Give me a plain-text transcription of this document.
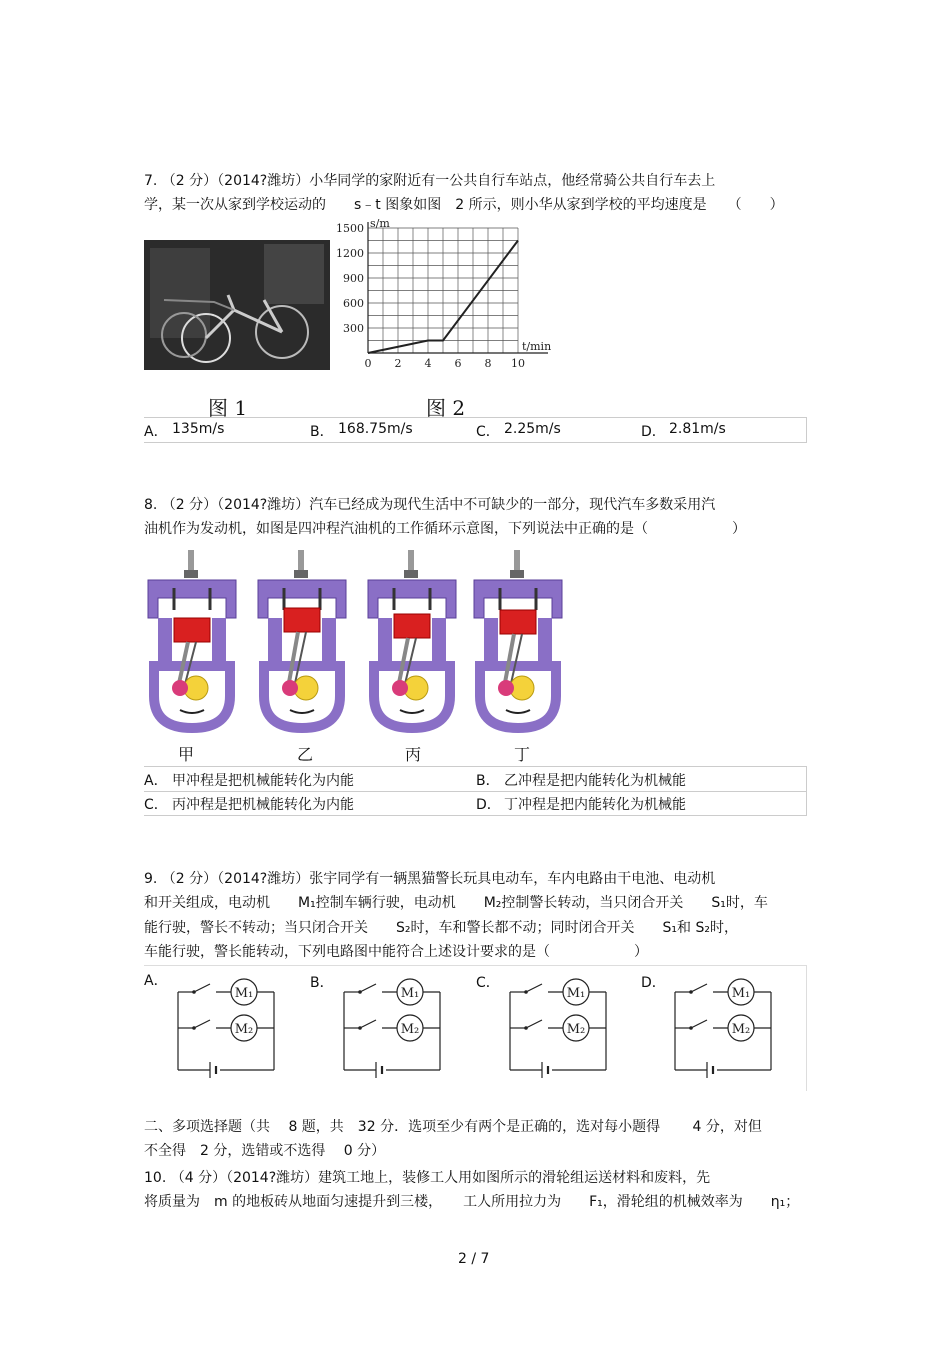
7. （2 分）（2014?潍坊）小华同学的家附近有一公共自行车站点，他经常骑公共自行车去上
学，某一次从家到学校运动的　　s﹣t 图象如图　2 所示，则小华从家到学校的平均速度是　　（　　）
图 1
300
600
900
1200
1500
0 2 4 6 8 10
s/m
t/min
图 2
A． 135m/s	B． 168.75m/s	C． 2.25m/s	D． 2.81m/s
8. （2 分）（2014?潍坊）汽车已经成为现代生活中不可缺少的一部分，现代汽车多数采用汽
油机作为发动机，如图是四冲程汽油机的工作循环示意图，下列说法中正确的是（　　　　　　）
甲	乙	丙	丁
A． 甲冲程是把机械能转化为内能	B． 乙冲程是把内能转化为机械能
C． 丙冲程是把机械能转化为内能	D． 丁冲程是把内能转化为机械能
9. （2 分）（2014?潍坊）张宇同学有一辆黑猫警长玩具电动车，车内电路由干电池、电动机
和开关组成，电动机　　M₁控制车辆行驶，电动机　　M₂控制警长转动，当只闭合开关　　S₁时，车
能行驶，警长不转动；当只闭合开关　　S₂时，车和警长都不动；同时闭合开关　　S₁和 S₂时，
车能行驶，警长能转动，下列电路图中能符合上述设计要求的是（　　　　　　）
A．	B．	C．	D．
M₁
M₂
M₁
M₂
M₁
M₂
M₁
M₂
二、多项选择题（共　 8 题，共　32 分．选项至少有两个是正确的，选对每小题得　　 4 分，对但
不全得　2 分，选错或不选得　 0 分）
10. （4 分）（2014?潍坊）建筑工地上，装修工人用如图所示的滑轮组运送材料和废料，先
将质量为　m 的地板砖从地面匀速提升到三楼，　　工人所用拉力为　　F₁，滑轮组的机械效率为　　η₁；
2 / 7
